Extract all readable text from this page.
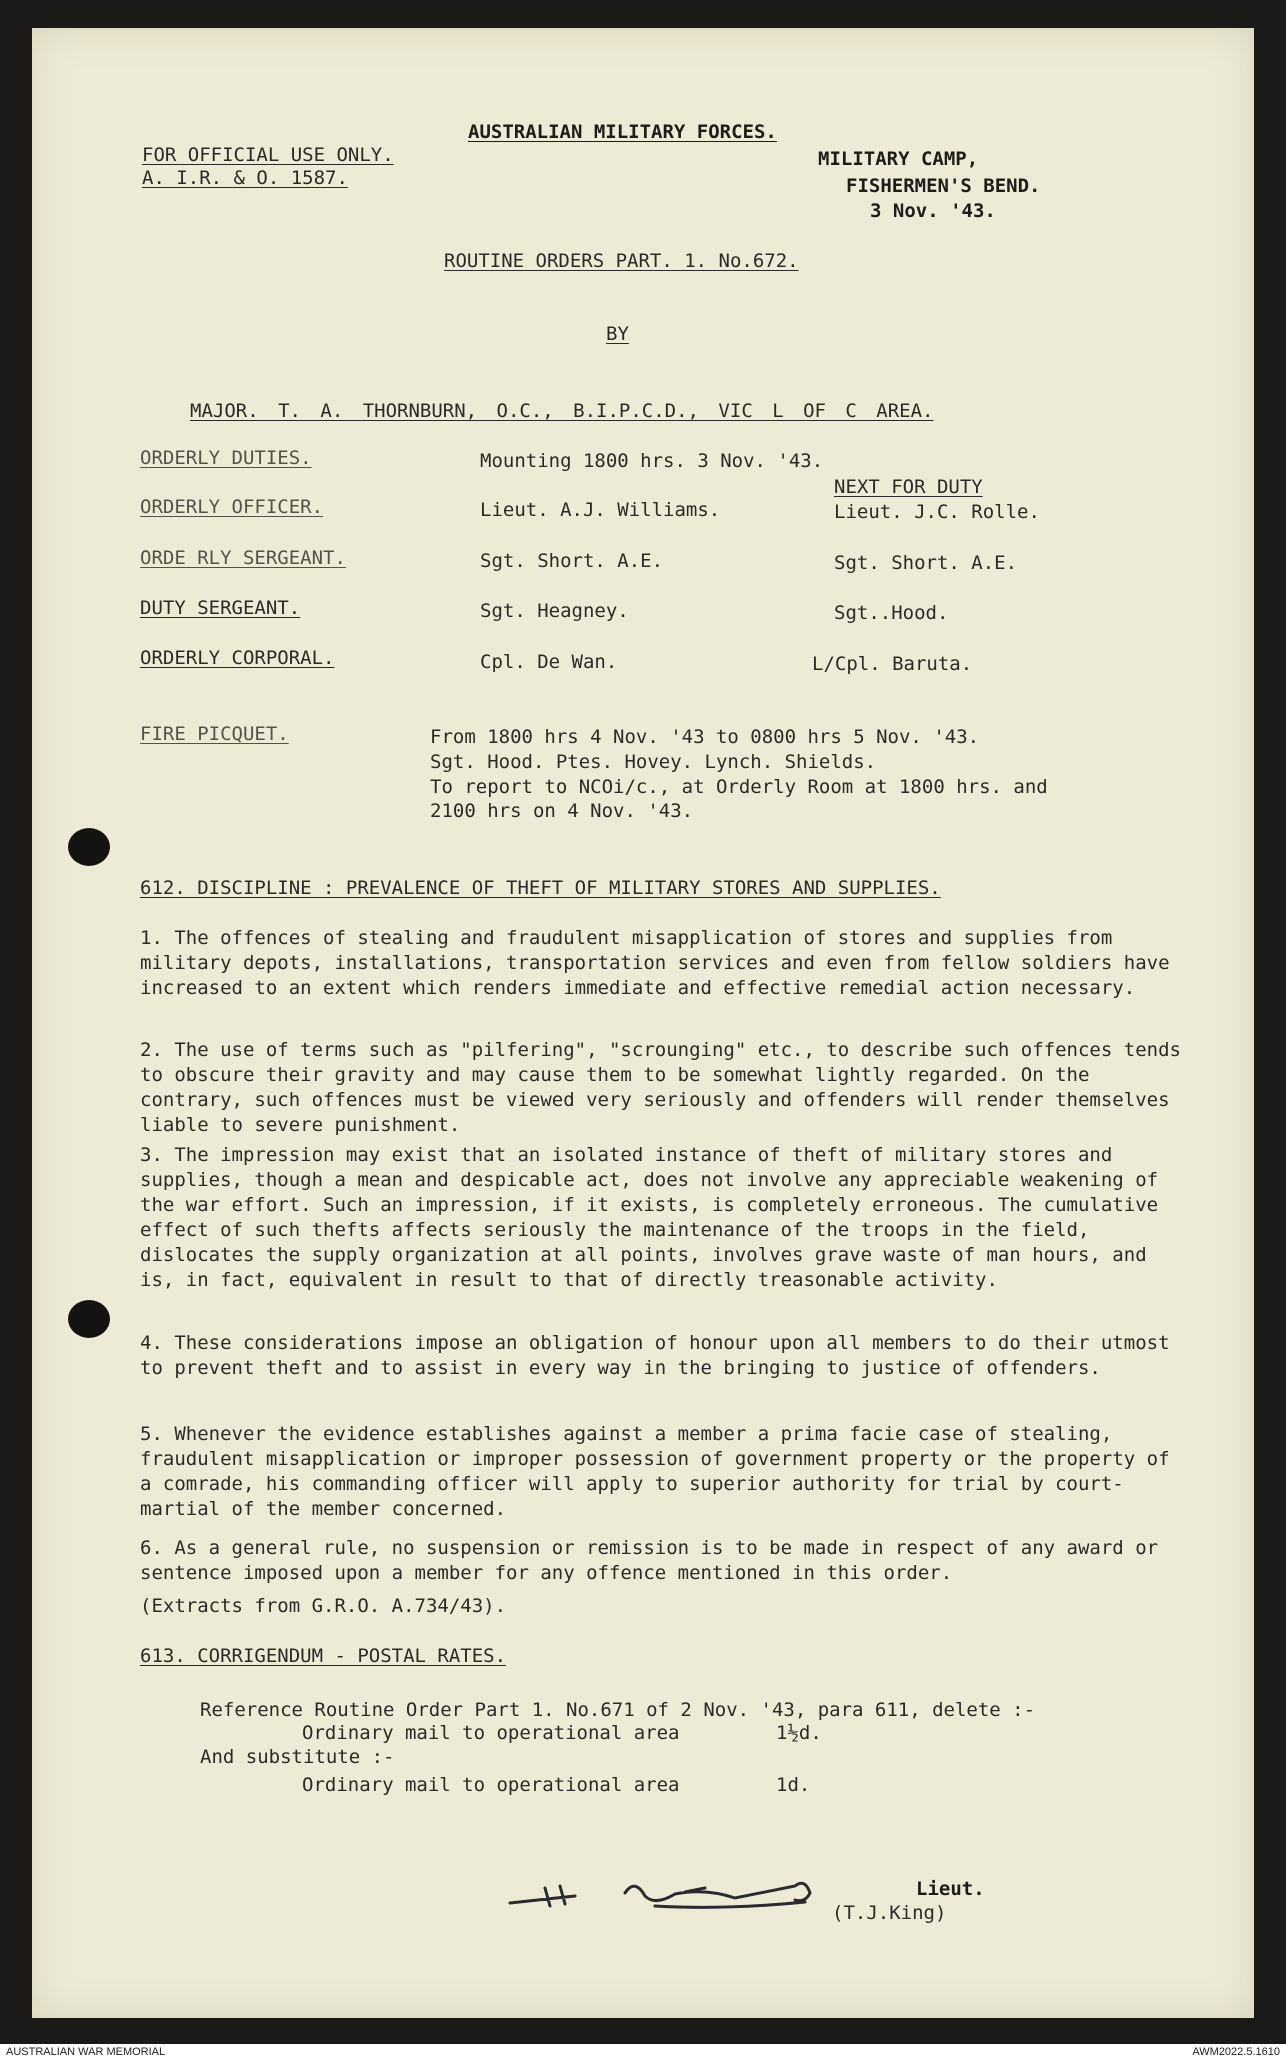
FOR OFFICIAL USE ONLY.
A. I.R. & O. 1587.
AUSTRALIAN MILITARY FORCES.
MILITARY CAMP,
FISHERMEN'S BEND.
3 Nov. '43.
ROUTINE ORDERS PART. 1. No.672.
BY
MAJOR. T. A. THORNBURN, O.C., B.I.P.C.D., VIC L OF C AREA.
ORDERLY DUTIES.	Mounting 1800 hrs. 3 Nov. '43.
NEXT FOR DUTY
ORDERLY OFFICER.	Lieut. A.J. Williams.	Lieut. J.C. Rolle.
ORDE RLY SERGEANT.	Sgt. Short. A.E.	Sgt. Short. A.E.
DUTY SERGEANT.	Sgt. Heagney.	Sgt..Hood.
ORDERLY CORPORAL.	Cpl. De Wan.	L/Cpl. Baruta.
FIRE PICQUET.	From 1800 hrs 4 Nov. '43 to 0800 hrs 5 Nov. '43.
Sgt. Hood. Ptes. Hovey. Lynch. Shields.
To report to NCOi/c., at Orderly Room at 1800 hrs. and
2100 hrs on 4 Nov. '43.
612. DISCIPLINE : PREVALENCE OF THEFT OF MILITARY STORES AND SUPPLIES.
1. The offences of stealing and fraudulent misapplication of stores and supplies from military depots, installations, transportation services and even from fellow soldiers have increased to an extent which renders immediate and effective remedial action necessary.
2. The use of terms such as "pilfering", "scrounging" etc., to describe such offences tends to obscure their gravity and may cause them to be somewhat lightly regarded. On the contrary, such offences must be viewed very seriously and offenders will render themselves liable to severe punishment.
3. The impression may exist that an isolated instance of theft of military stores and supplies, though a mean and despicable act, does not involve any appreciable weakening of the war effort. Such an impression, if it exists, is completely erroneous. The cumulative effect of such thefts affects seriously the maintenance of the troops in the field, dislocates the supply organization at all points, involves grave waste of man hours, and is, in fact, equivalent in result to that of directly treasonable activity.
4. These considerations impose an obligation of honour upon all members to do their utmost to prevent theft and to assist in every way in the bringing to justice of offenders.
5. Whenever the evidence establishes against a member a prima facie case of stealing, fraudulent misapplication or improper possession of government property or the property of a comrade, his commanding officer will apply to superior authority for trial by court-martial of the member concerned.
6. As a general rule, no suspension or remission is to be made in respect of any award or sentence imposed upon a member for any offence mentioned in this order.
(Extracts from G.R.O. A.734/43).
613. CORRIGENDUM - POSTAL RATES.
Reference Routine Order Part 1. No.671 of 2 Nov. '43, para 611, delete :-
Ordinary mail to operational area	1½d.
And substitute :-
Ordinary mail to operational area	1d.
Lieut.
(T.J.King)
AUSTRALIAN WAR MEMORIAL	AWM2022.5.1610
